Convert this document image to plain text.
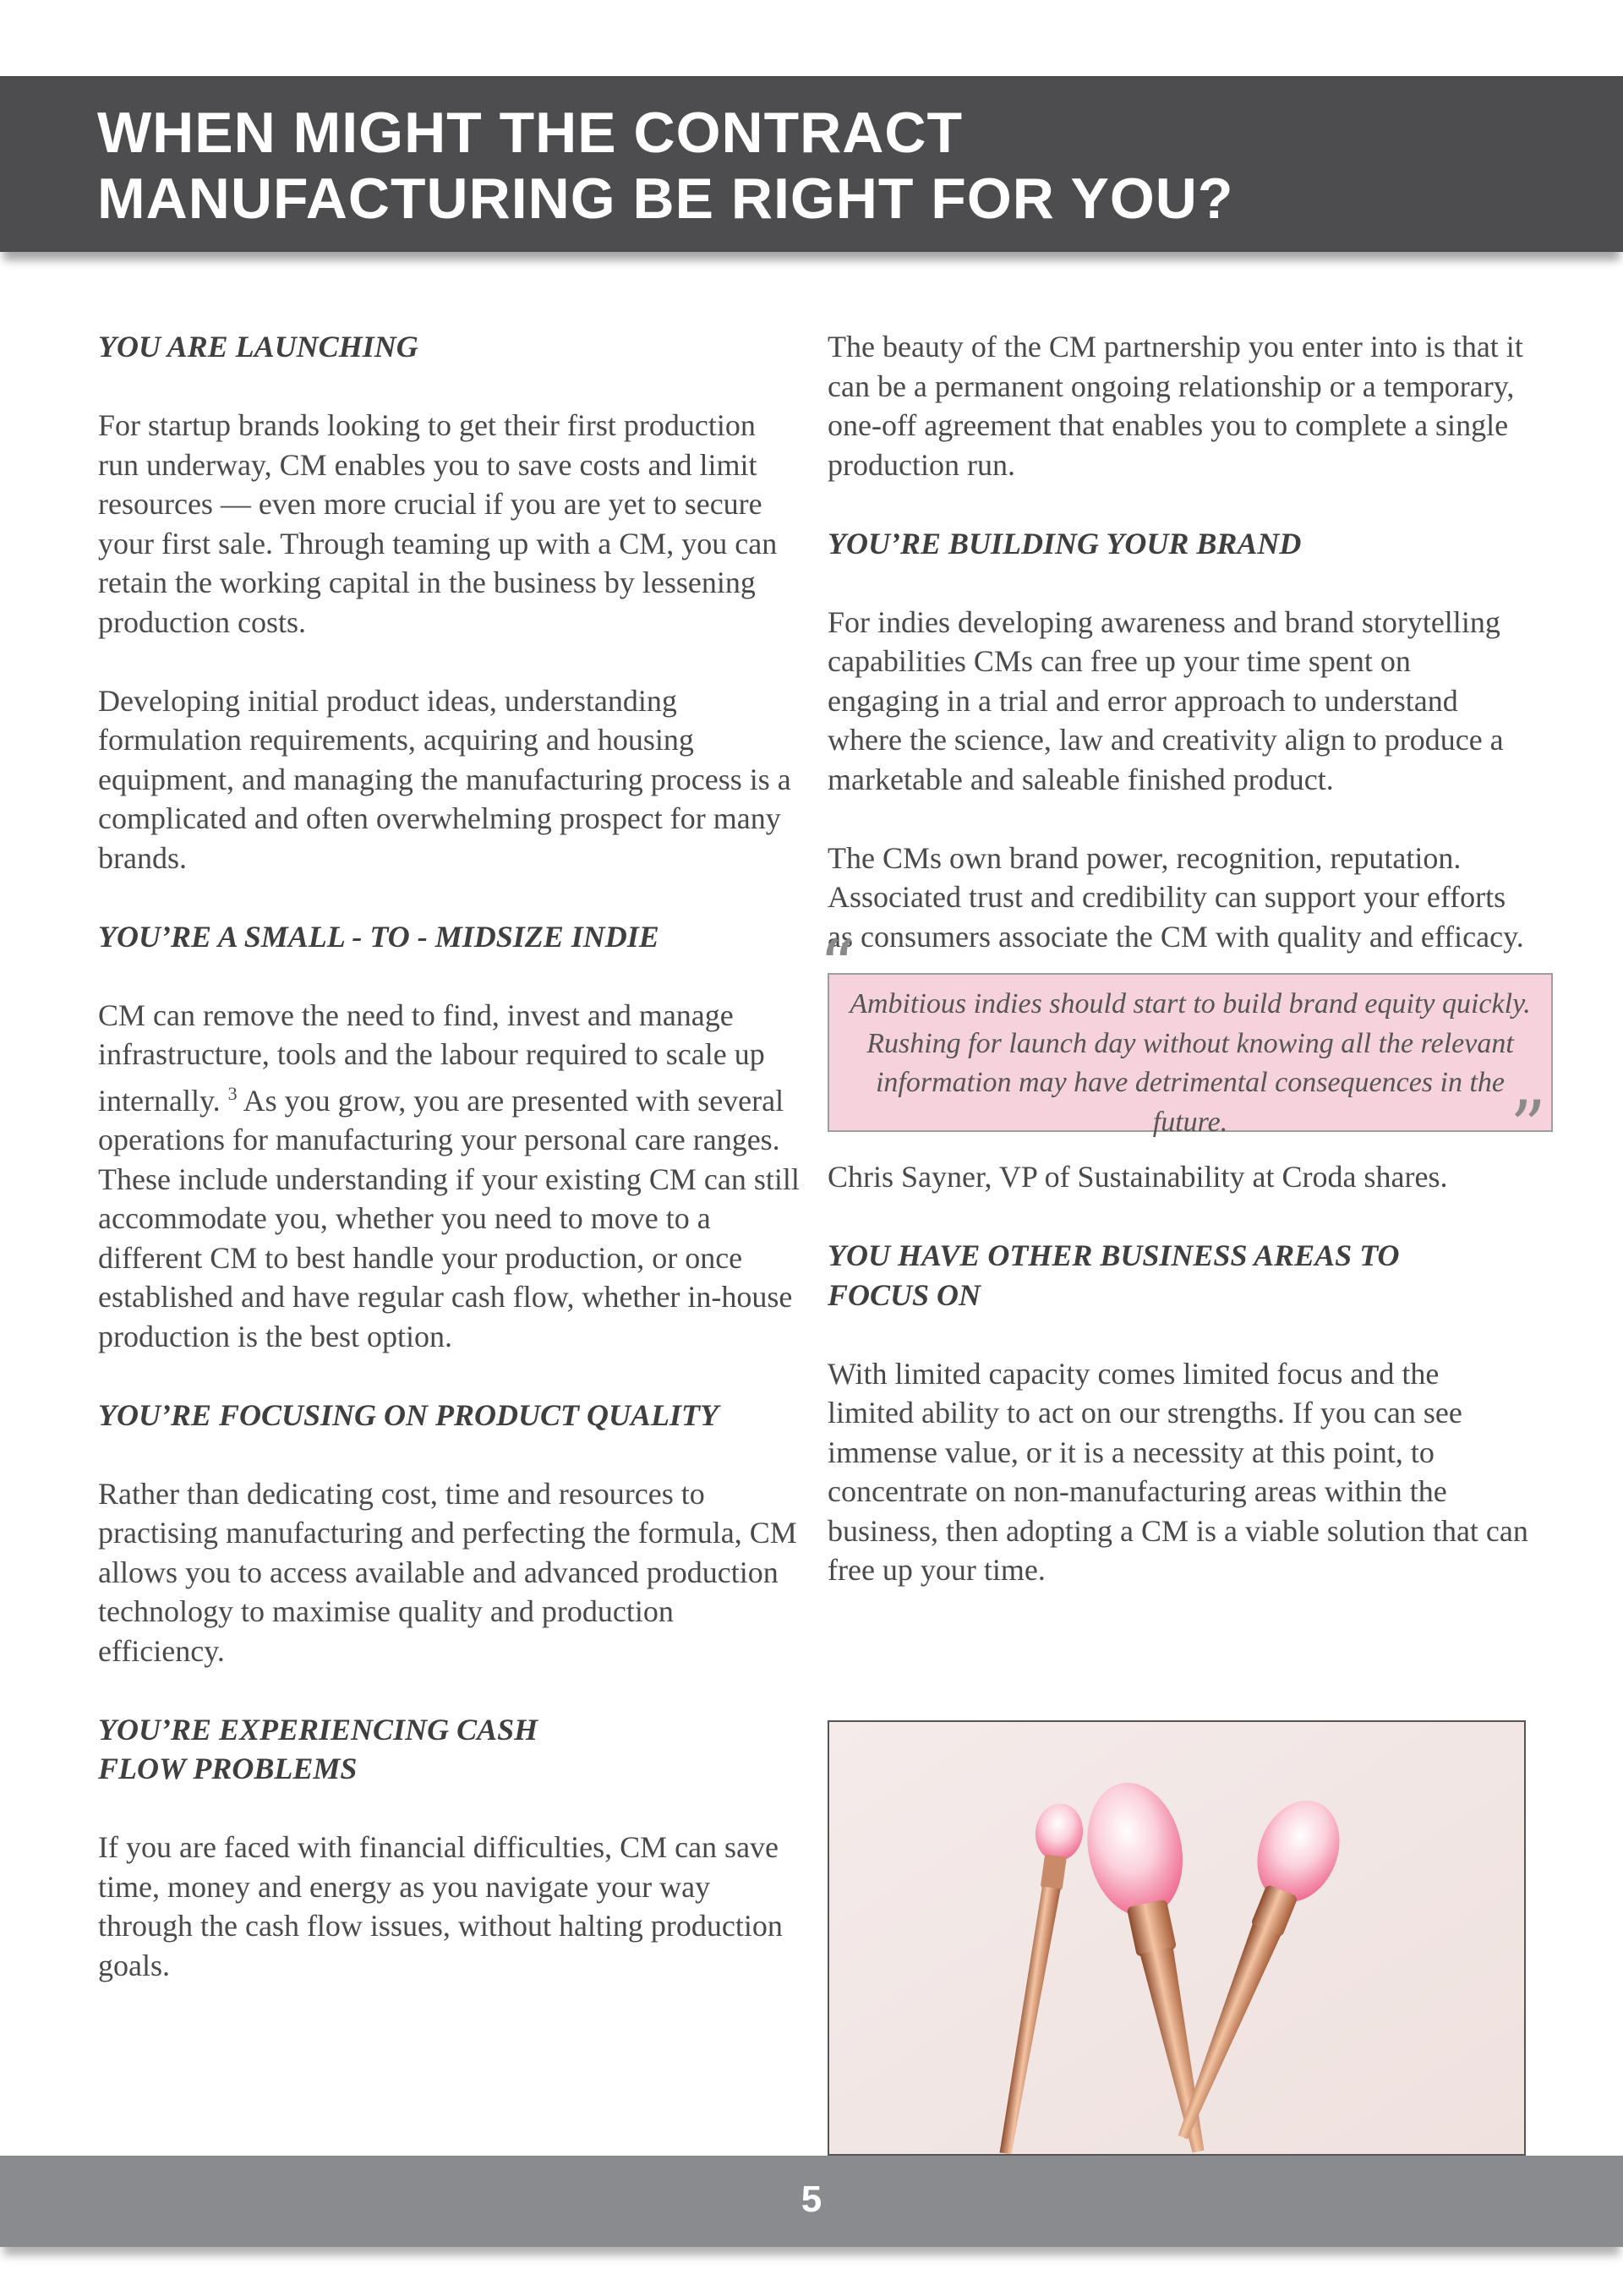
WHEN MIGHT THE CONTRACT
MANUFACTURING BE RIGHT FOR YOU?
YOU ARE LAUNCHING

For startup brands looking to get their first production run underway, CM enables you to save costs and limit resources — even more crucial if you are yet to secure your first sale. Through teaming up with a CM, you can retain the working capital in the business by lessening production costs.

Developing initial product ideas, understanding formulation requirements, acquiring and housing equipment, and managing the manufacturing process is a complicated and often overwhelming prospect for many brands.

YOU’RE A SMALL - TO - MIDSIZE INDIE

CM can remove the need to find, invest and manage infrastructure, tools and the labour required to scale up internally. $^3$ As you grow, you are presented with several operations for manufacturing your personal care ranges. These include understanding if your existing CM can still accommodate you, whether you need to move to a different CM to best handle your production, or once established and have regular cash flow, whether in-house production is the best option.

YOU’RE FOCUSING ON PRODUCT QUALITY

Rather than dedicating cost, time and resources to practising manufacturing and perfecting the formula, CM allows you to access available and advanced production technology to maximise quality and production efficiency.

YOU’RE EXPERIENCING CASH
FLOW PROBLEMS

If you are faced with financial difficulties, CM can save time, money and energy as you navigate your way through the cash flow issues, without halting production goals.

The beauty of the CM partnership you enter into is that it can be a permanent ongoing relationship or a temporary, one-off agreement that enables you to complete a single production run.

YOU’RE BUILDING YOUR BRAND

For indies developing awareness and brand storytelling capabilities CMs can free up your time spent on engaging in a trial and error approach to understand where the science, law and creativity align to produce a marketable and saleable finished product.

The CMs own brand power, recognition, reputation. Associated trust and credibility can support your efforts as consumers associate the CM with quality and efficacy.

Ambitious indies should start to build brand equity quickly. Rushing for launch day without knowing all the relevant information may have detrimental consequences in the future.
“
”

Chris Sayner, VP of Sustainability at Croda shares.

YOU HAVE OTHER BUSINESS AREAS TO
FOCUS ON

With limited capacity comes limited focus and the limited ability to act on our strengths. If you can see immense value, or it is a necessity at this point, to concentrate on non-manufacturing areas within the business, then adopting a CM is a viable solution that can free up your time.

5
